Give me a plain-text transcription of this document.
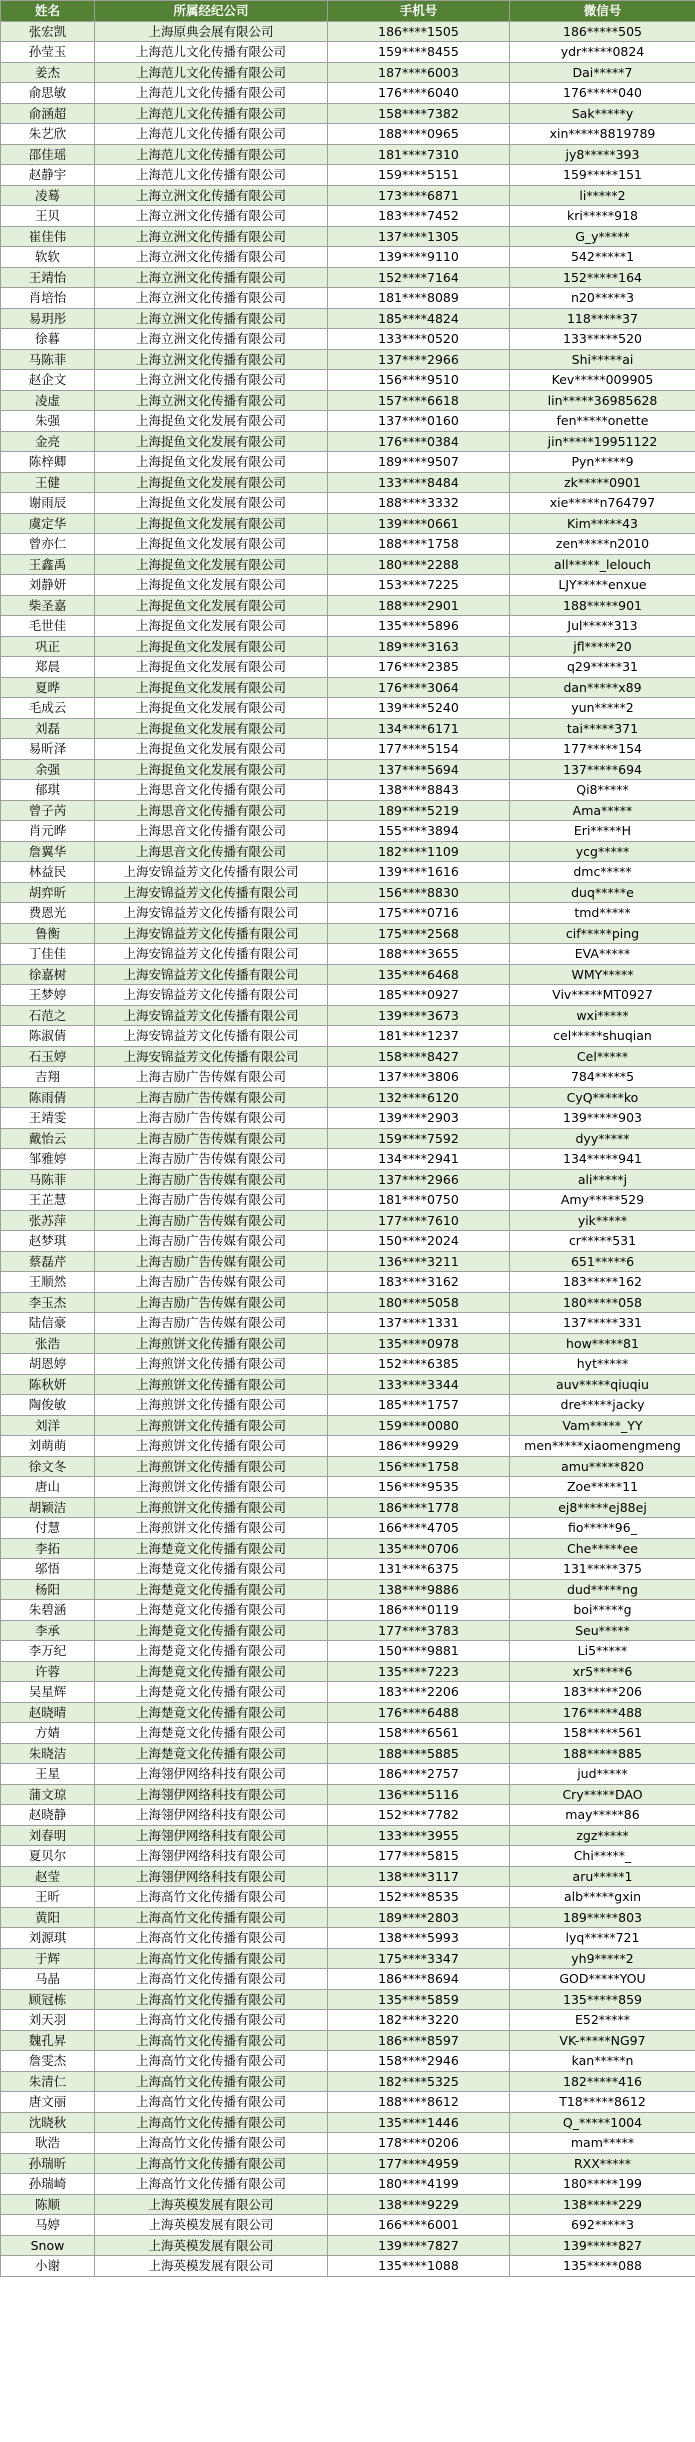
姓名	所属经纪公司	手机号	微信号
张宏凯	上海原典会展有限公司	186****1505	186*****505
孙莹玉	上海范儿文化传播有限公司	159****8455	ydr*****0824
姜杰	上海范儿文化传播有限公司	187****6003	Dai*****7
俞思敏	上海范儿文化传播有限公司	176****6040	176*****040
俞涵超	上海范儿文化传播有限公司	158****7382	Sak*****y
朱艺欣	上海范儿文化传播有限公司	188****0965	xin*****8819789
邵佳瑶	上海范儿文化传播有限公司	181****7310	jy8*****393
赵静宇	上海范儿文化传播有限公司	159****5151	159*****151
凌蓦	上海立洲文化传播有限公司	173****6871	li*****2
王贝	上海立洲文化传播有限公司	183****7452	kri*****918
崔佳伟	上海立洲文化传播有限公司	137****1305	G_y*****
软软	上海立洲文化传播有限公司	139****9110	542*****1
王靖怡	上海立洲文化传播有限公司	152****7164	152*****164
肖培怡	上海立洲文化传播有限公司	181****8089	n20*****3
易玥彤	上海立洲文化传播有限公司	185****4824	118*****37
徐暮	上海立洲文化传播有限公司	133****0520	133*****520
马陈菲	上海立洲文化传播有限公司	137****2966	Shi*****ai
赵企文	上海立洲文化传播有限公司	156****9510	Kev*****009905
凌虚	上海立洲文化传播有限公司	157****6618	lin*****36985628
朱强	上海捉鱼文化发展有限公司	137****0160	fen*****onette
金亮	上海捉鱼文化发展有限公司	176****0384	jin*****19951122
陈梓卿	上海捉鱼文化发展有限公司	189****9507	Pyn*****9
王健	上海捉鱼文化发展有限公司	133****8484	zk*****0901
谢雨辰	上海捉鱼文化发展有限公司	188****3332	xie*****n764797
虞定华	上海捉鱼文化发展有限公司	139****0661	Kim*****43
曾亦仁	上海捉鱼文化发展有限公司	188****1758	zen*****n2010
王鑫禹	上海捉鱼文化发展有限公司	180****2288	all*****_lelouch
刘静妍	上海捉鱼文化发展有限公司	153****7225	LJY*****enxue
柴圣嘉	上海捉鱼文化发展有限公司	188****2901	188*****901
毛世佳	上海捉鱼文化发展有限公司	135****5896	Jul*****313
巩正	上海捉鱼文化发展有限公司	189****3163	jfl*****20
郑晨	上海捉鱼文化发展有限公司	176****2385	q29*****31
夏晔	上海捉鱼文化发展有限公司	176****3064	dan*****x89
毛成云	上海捉鱼文化发展有限公司	139****5240	yun*****2
刘磊	上海捉鱼文化发展有限公司	134****6171	tai*****371
易昕泽	上海捉鱼文化发展有限公司	177****5154	177*****154
余强	上海捉鱼文化发展有限公司	137****5694	137*****694
郁琪	上海思音文化传播有限公司	138****8843	Qi8*****
曾子芮	上海思音文化传播有限公司	189****5219	Ama*****
肖元晔	上海思音文化传播有限公司	155****3894	Eri*****H
詹翼华	上海思音文化传播有限公司	182****1109	ycg*****
林益民	上海安锦益芳文化传播有限公司	139****1616	dmc*****
胡弈昕	上海安锦益芳文化传播有限公司	156****8830	duq*****e
费恩光	上海安锦益芳文化传播有限公司	175****0716	tmd*****
鲁衡	上海安锦益芳文化传播有限公司	175****2568	cif*****ping
丁佳佳	上海安锦益芳文化传播有限公司	188****3655	EVA*****
徐嘉树	上海安锦益芳文化传播有限公司	135****6468	WMY*****
王梦婷	上海安锦益芳文化传播有限公司	185****0927	Viv*****MT0927
石范之	上海安锦益芳文化传播有限公司	139****3673	wxi*****
陈淑倩	上海安锦益芳文化传播有限公司	181****1237	cel*****shuqian
石玉婷	上海安锦益芳文化传播有限公司	158****8427	Cel*****
吉翔	上海吉励广告传媒有限公司	137****3806	784*****5
陈雨倩	上海吉励广告传媒有限公司	132****6120	CyQ*****ko
王靖雯	上海吉励广告传媒有限公司	139****2903	139*****903
戴怡云	上海吉励广告传媒有限公司	159****7592	dyy*****
邹雅婷	上海吉励广告传媒有限公司	134****2941	134*****941
马陈菲	上海吉励广告传媒有限公司	137****2966	ali*****j
王芷慧	上海吉励广告传媒有限公司	181****0750	Amy*****529
张苏萍	上海吉励广告传媒有限公司	177****7610	yik*****
赵梦琪	上海吉励广告传媒有限公司	150****2024	cr*****531
蔡磊芹	上海吉励广告传媒有限公司	136****3211	651*****6
王顺然	上海吉励广告传媒有限公司	183****3162	183*****162
李玉杰	上海吉励广告传媒有限公司	180****5058	180*****058
陆信豪	上海吉励广告传媒有限公司	137****1331	137*****331
张浩	上海煎饼文化传播有限公司	135****0978	how*****81
胡恩婷	上海煎饼文化传播有限公司	152****6385	hyt*****
陈秋妍	上海煎饼文化传播有限公司	133****3344	auv*****qiuqiu
陶俊敏	上海煎饼文化传播有限公司	185****1757	dre*****jacky
刘洋	上海煎饼文化传播有限公司	159****0080	Vam*****_YY
刘萌萌	上海煎饼文化传播有限公司	186****9929	men*****xiaomengmeng
徐文冬	上海煎饼文化传播有限公司	156****1758	amu*****820
唐山	上海煎饼文化传播有限公司	156****9535	Zoe*****11
胡颖洁	上海煎饼文化传播有限公司	186****1778	ej8*****ej88ej
付慧	上海煎饼文化传播有限公司	166****4705	fio*****96_
李拓	上海楚竟文化传播有限公司	135****0706	Che*****ee
邬悟	上海楚竟文化传播有限公司	131****6375	131*****375
杨阳	上海楚竟文化传播有限公司	138****9886	dud*****ng
朱碧涵	上海楚竟文化传播有限公司	186****0119	boi*****g
李承	上海楚竟文化传播有限公司	177****3783	Seu*****
李万纪	上海楚竟文化传播有限公司	150****9881	Li5*****
许蓉	上海楚竟文化传播有限公司	135****7223	xr5*****6
吴星辉	上海楚竟文化传播有限公司	183****2206	183*****206
赵晓晴	上海楚竟文化传播有限公司	176****6488	176*****488
方婧	上海楚竟文化传播有限公司	158****6561	158*****561
朱晓洁	上海楚竟文化传播有限公司	188****5885	188*****885
王星	上海翎伊网络科技有限公司	186****2757	jud*****
蒲文琼	上海翎伊网络科技有限公司	136****5116	Cry*****DAO
赵晓静	上海翎伊网络科技有限公司	152****7782	may*****86
刘春明	上海翎伊网络科技有限公司	133****3955	zgz*****
夏贝尔	上海翎伊网络科技有限公司	177****5815	Chi*****_
赵莹	上海翎伊网络科技有限公司	138****3117	aru*****1
王昕	上海高竹文化传播有限公司	152****8535	alb*****gxin
黄阳	上海高竹文化传播有限公司	189****2803	189*****803
刘源琪	上海高竹文化传播有限公司	138****5993	lyq*****721
于辉	上海高竹文化传播有限公司	175****3347	yh9*****2
马晶	上海高竹文化传播有限公司	186****8694	GOD*****YOU
顾冠栋	上海高竹文化传播有限公司	135****5859	135*****859
刘天羽	上海高竹文化传播有限公司	182****3220	E52*****
魏孔昇	上海高竹文化传播有限公司	186****8597	VK-*****NG97
詹雯杰	上海高竹文化传播有限公司	158****2946	kan*****n
朱清仁	上海高竹文化传播有限公司	182****5325	182*****416
唐文丽	上海高竹文化传播有限公司	188****8612	T18*****8612
沈晓秋	上海高竹文化传播有限公司	135****1446	Q_*****1004
耿浩	上海高竹文化传播有限公司	178****0206	mam*****
孙瑞昕	上海高竹文化传播有限公司	177****4959	RXX*****
孙瑞崎	上海高竹文化传播有限公司	180****4199	180*****199
陈顺	上海英模发展有限公司	138****9229	138*****229
马婷	上海英模发展有限公司	166****6001	692*****3
Snow	上海英模发展有限公司	139****7827	139*****827
小谢	上海英模发展有限公司	135****1088	135*****088
